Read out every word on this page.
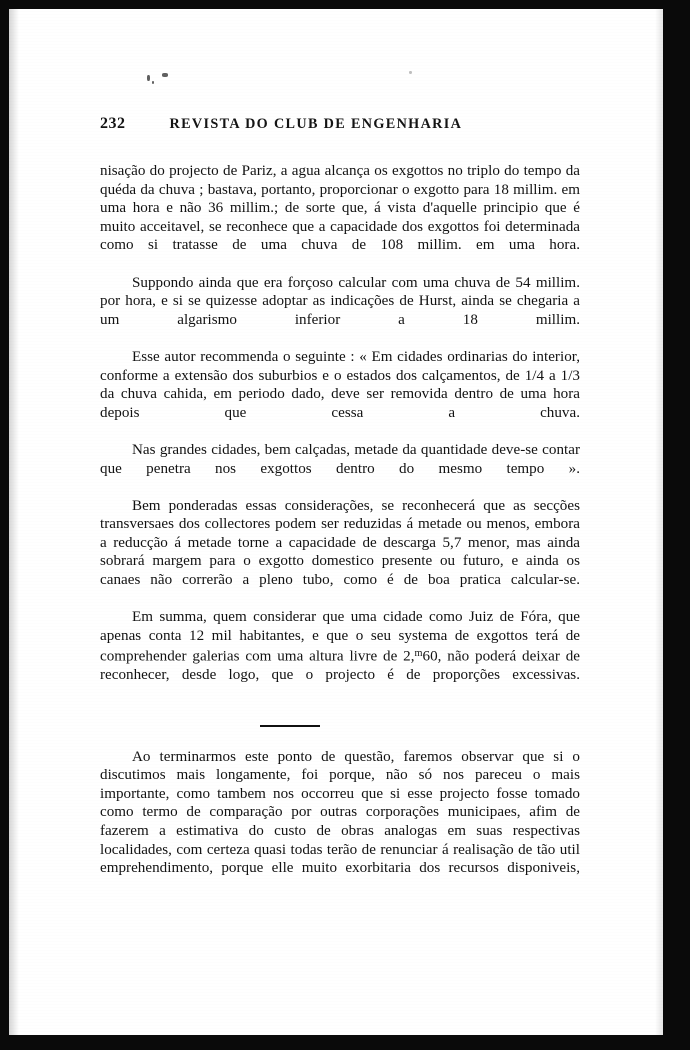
232	REVISTA DO CLUB DE ENGENHARIA

nisação do projecto de Pariz, a agua alcança os exgottos no triplo do tempo da quéda da chuva ; bastava, portanto, proporcionar o exgotto para 18 millim. em uma hora e não 36 millim.; de sorte que, á vista d'aquelle principio que é muito acceitavel, se reconhece que a capacidade dos exgottos foi determinada como si tratasse de uma chuva de 108 millim. em uma hora.

Suppondo ainda que era forçoso calcular com uma chuva de 54 millim. por hora, e si se quizesse adoptar as indicações de Hurst, ainda se chegaria a um algarismo inferior a 18 millim.

Esse autor recommenda o seguinte : « Em cidades ordinarias do interior, conforme a extensão dos suburbios e o estados dos calçamentos, de 1/4 a 1/3 da chuva cahida, em periodo dado, deve ser removida dentro de uma hora depois que cessa a chuva.

Nas grandes cidades, bem calçadas, metade da quantidade deve-se contar que penetra nos exgottos dentro do mesmo tempo ».

Bem ponderadas essas considerações, se reconhecerá que as secções transversaes dos collectores podem ser reduzidas á metade ou menos, embora a reducção á metade torne a capacidade de descarga 5,7 menor, mas ainda sobrará margem para o exgotto domestico presente ou futuro, e ainda os canaes não correrão a pleno tubo, como é de boa pratica calcular-se.

Em summa, quem considerar que uma cidade como Juiz de Fóra, que apenas conta 12 mil habitantes, e que o seu systema de exgottos terá de comprehender galerias com uma altura livre de 2,$^m$60, não poderá deixar de reconhecer, desde logo, que o projecto é de proporções excessivas.

Ao terminarmos este ponto de questão, faremos observar que si o discutimos mais longamente, foi porque, não só nos pareceu o mais importante, como tambem nos occorreu que si esse projecto fosse tomado como termo de comparação por outras corporações municipaes, afim de fazerem a estimativa do custo de obras analogas em suas respectivas localidades, com certeza quasi todas terão de renunciar á realisação de tão util emprehendimento, porque elle muito exorbitaria dos recursos disponiveis,
